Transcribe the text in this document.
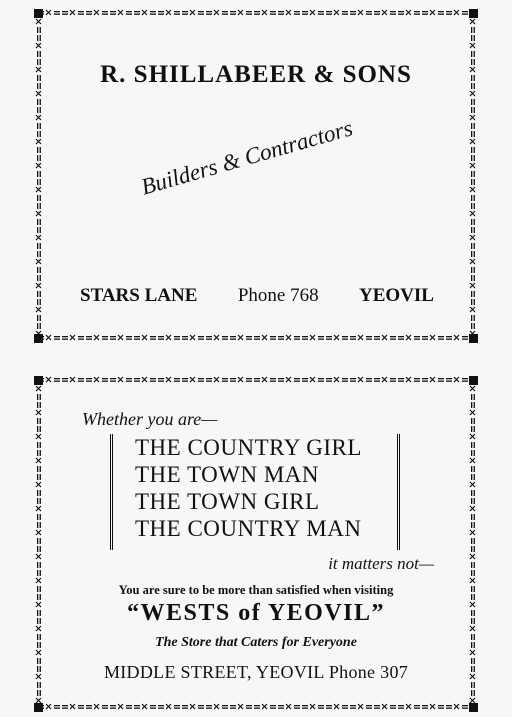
R. SHILLABEER & SONS
Builders & Contractors
STARS LANE Phone 768 YEOVIL
Whether you are—
THE COUNTRY GIRL
THE TOWN MAN
THE TOWN GIRL
THE COUNTRY MAN
it matters not—
You are sure to be more than satisfied when visiting
“WESTS of YEOVIL”
The Store that Caters for Everyone
MIDDLE STREET, YEOVIL Phone 307
